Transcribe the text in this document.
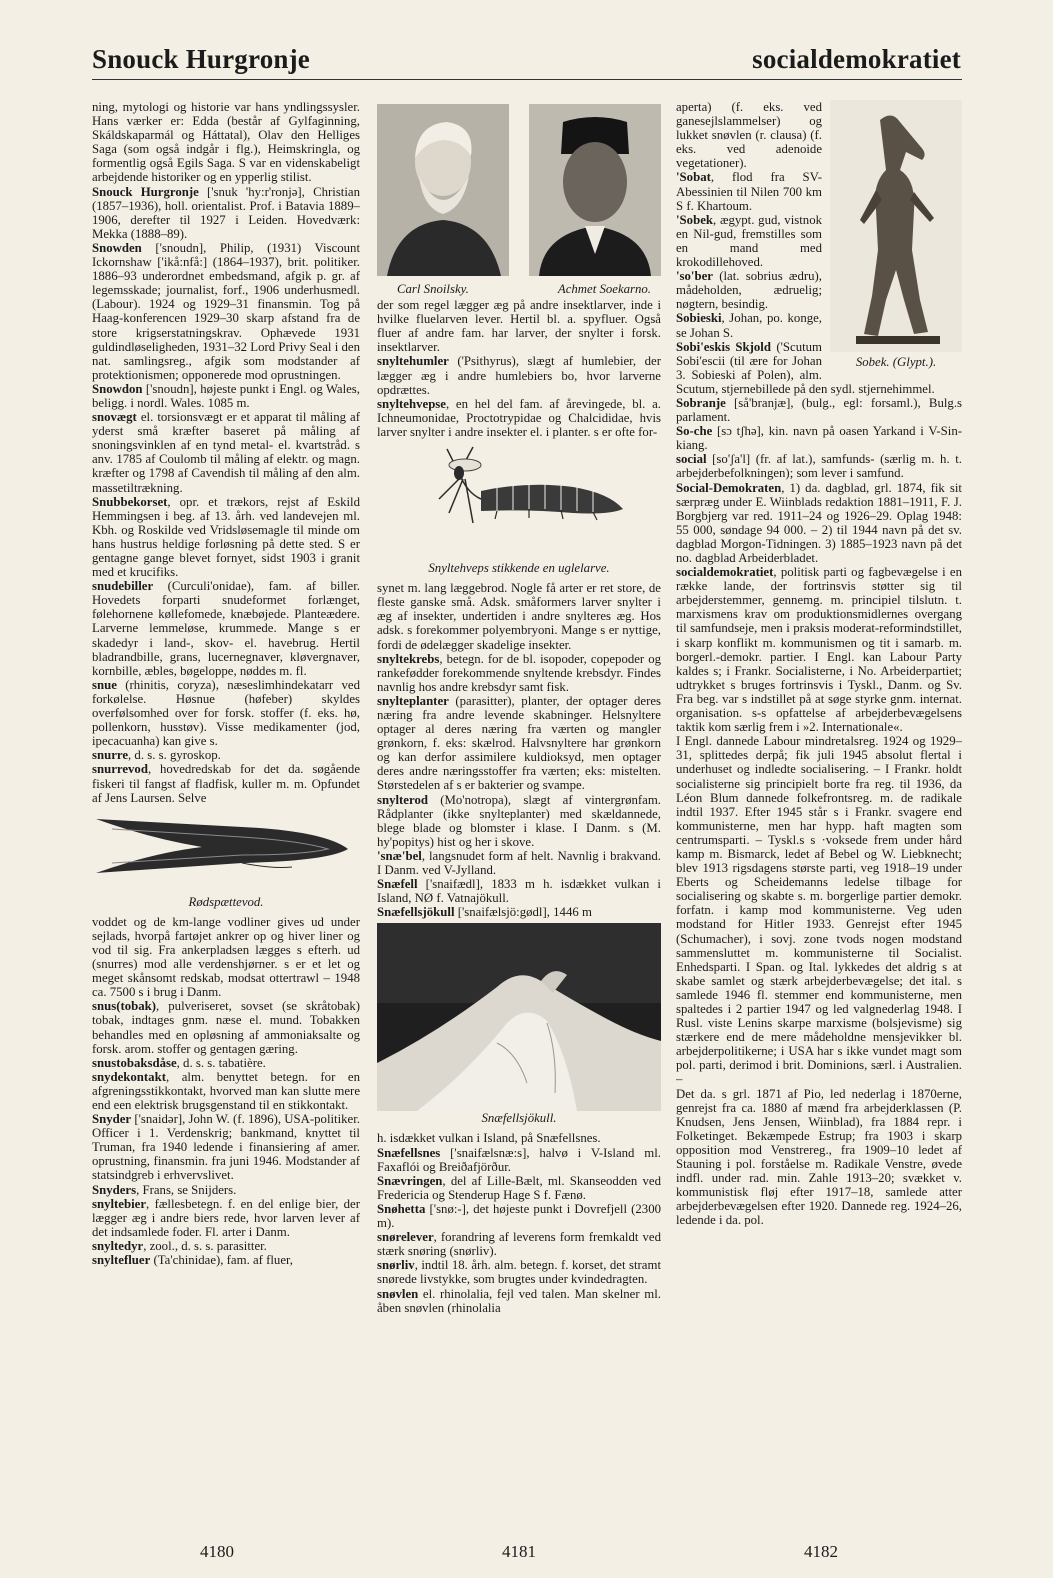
Snouck Hurgronje	socialdemokratiet

ning, mytologi og historie var hans yndlingssysler. Hans værker er: Edda (består af Gylfaginning, Skáldskaparmál og Háttatal), Olav den Helliges Saga (som også indgår i flg.), Heimskringla, og formentlig også Egils Saga. S var en videnskabeligt arbejdende historiker og en ypperlig stilist.

Snouck Hurgronje ['snuk 'hy:r'ronjə], Christian (1857–1936), holl. orientalist. Prof. i Batavia 1889–1906, derefter til 1927 i Leiden. Hovedværk: Mekka (1888–89).

Snowden ['snoudn], Philip, (1931) Viscount Ickornshaw ['ikå:nfå:] (1864–1937), brit. politiker. 1886–93 underordnet embedsmand, afgik p. gr. af legemsskade; journalist, forf., 1906 underhusmedl. (Labour). 1924 og 1929–31 finansmin. Tog på Haag-konferencen 1929–30 skarp afstand fra de store krigserstatningskrav. Ophævede 1931 guldindløseligheden, 1931–32 Lord Privy Seal i den nat. samlingsreg., afgik som modstander af protektionismen; opponerede mod oprustningen.

Snowdon ['snoudn], højeste punkt i Engl. og Wales, beligg. i nordl. Wales. 1085 m.

snovægt el. torsionsvægt er et apparat til måling af yderst små kræfter baseret på måling af snoningsvinklen af en tynd metal- el. kvartstråd. s anv. 1785 af Coulomb til måling af elektr. og magn. kræfter og 1798 af Cavendish til måling af den alm. massetiltrækning.

Snubbekorset, opr. et trækors, rejst af Eskild Hemmingsen i beg. af 13. årh. ved landevejen ml. Kbh. og Roskilde ved Vridsløsemagle til minde om hans hustrus heldige forløsning på dette sted. S er gentagne gange blevet fornyet, sidst 1903 i granit med et krucifiks.

snudebiller (Curculi'onidae), fam. af biller. Hovedets forparti snudeformet forlænget, følehornene køllefomede, knæbøjede. Planteædere. Larverne lemmeløse, krummede. Mange s er skadedyr i land-, skov- el. havebrug. Hertil bladrandbille, grans, lucernegnaver, kløvergnaver, kornbille, æbles, bøgeloppe, nøddes m. fl.

snue (rhinitis, coryza), næseslimhindekatarr ved forkølelse. Høsnue (høfeber) skyldes overfølsomhed over for forsk. stoffer (f. eks. hø, pollenkorn, husstøv). Visse medikamenter (jod, ipecacuanha) kan give s.

snurre, d. s. s. gyroskop.

snurrevod, hovedredskab for det da. søgående fiskeri til fangst af fladfisk, kuller m. m. Opfundet af Jens Laursen. Selve

Rødspættevod.

voddet og de km-lange vodliner gives ud under sejlads, hvorpå fartøjet ankrer op og hiver liner og vod til sig. Fra ankerpladsen lægges s efterh. ud (snurres) mod alle verdenshjørner. s er et let og meget skånsomt redskab, modsat ottertrawl – 1948 ca. 7500 s i brug i Danm.

snus(tobak), pulveriseret, sovset (se skråtobak) tobak, indtages gnm. næse el. mund. Tobakken behandles med en opløsning af ammoniaksalte og forsk. arom. stoffer og gentagen gæring.

snustobaksdåse, d. s. s. tabatière.

snydekontakt, alm. benyttet betegn. for en afgreningsstikkontakt, hvorved man kan slutte mere end een elektrisk brugsgenstand til en stikkontakt.

Snyder ['snaidər], John W. (f. 1896), USA-politiker. Officer i 1. Verdenskrig; bankmand, knyttet til Truman, fra 1940 ledende i finansiering af amer. oprustning, finansmin. fra juni 1946. Modstander af statsindgreb i erhvervslivet.

Snyders, Frans, se Snijders.

snyltebier, fællesbetegn. f. en del enlige bier, der lægger æg i andre biers rede, hvor larven lever af det indsamlede foder. Fl. arter i Danm.

snyltedyr, zool., d. s. s. parasitter.

snyltefluer (Ta'chinidae), fam. af fluer,

Carl Snoilsky.	Achmet Soekarno.

der som regel lægger æg på andre insektlarver, inde i hvilke fluelarven lever. Hertil bl. a. spyfluer. Også fluer af andre fam. har larver, der snylter i forsk. insektlarver.

snyltehumler ('Psithyrus), slægt af humlebier, der lægger æg i andre humlebiers bo, hvor larverne opdrættes.

snyltehvepse, en hel del fam. af årevingede, bl. a. Ichneumonidae, Proctotrypidae og Chalcididae, hvis larver snylter i andre insekter el. i planter. s er ofte for-

Snyltehveps stikkende en uglelarve.

synet m. lang læggebrod. Nogle få arter er ret store, de fleste ganske små. Adsk. småformers larver snylter i æg af insekter, undertiden i andre snylteres æg. Hos adsk. s forekommer polyembryoni. Mange s er nyttige, fordi de ødelægger skadelige insekter.

snyltekrebs, betegn. for de bl. isopoder, copepoder og rankefødder forekommende snyltende krebsdyr. Findes navnlig hos andre krebsdyr samt fisk.

snylteplanter (parasitter), planter, der optager deres næring fra andre levende skabninger. Helsnyltere optager al deres næring fra værten og mangler grønkorn, f. eks: skælrod. Halvsnyltere har grønkorn og kan derfor assimilere kuldioksyd, men optager deres andre næringsstoffer fra værten; eks: mistelten. Størstedelen af s er bakterier og svampe.

snylterod (Mo'notropa), slægt af vintergrønfam. Rådplanter (ikke snylteplanter) med skældannede, blege blade og blomster i klase. I Danm. s (M. hy'popitys) hist og her i skove.

'snæ'bel, langsnudet form af helt. Navnlig i brakvand. I Danm. ved V-Jylland.

Snæfell ['snaifædl], 1833 m h. isdækket vulkan i Island, NØ f. Vatnajökull.

Snæfellsjökull ['snaifælsjö:gødl], 1446 m

Snæfellsjökull.

h. isdækket vulkan i Island, på Snæfellsnes.

Snæfellsnes ['snaifælsnæ:s], halvø i V-Island ml. Faxaflói og Breiðafjörður.

Snævringen, del af Lille-Bælt, ml. Skanseodden ved Fredericia og Stenderup Hage S f. Fænø.

Snøhetta ['snø:-], det højeste punkt i Dovrefjell (2300 m).

snørelever, forandring af leverens form fremkaldt ved stærk snøring (snørliv).

snørliv, indtil 18. årh. alm. betegn. f. korset, det stramt snørede livstykke, som brugtes under kvindedragten.

snøvlen el. rhinolalia, fejl ved talen. Man skelner ml. åben snøvlen (rhinolalia

Sobek. (Glypt.).

aperta) (f. eks. ved ganesejlslammelser) og lukket snøvlen (r. clausa) (f. eks. ved adenoide vegetationer).

'Sobat, flod fra SV-Abessinien til Nilen 700 km S f. Khartoum.

'Sobek, ægypt. gud, vistnok en Nil-gud, fremstilles som en mand med krokodillehoved.

'so'ber (lat. sobrius ædru), mådeholden, ædruelig; nøgtern, besindig.

Sobieski, Johan, po. konge, se Johan S.

Sobi'eskis Skjold ('Scutum Sobi'escii (til ære for Johan 3. Sobieski af Polen), alm. Scutum, stjernebillede på den sydl. stjernehimmel.

Sobranje [så'branjæ], (bulg., egl: forsaml.), Bulg.s parlament.

So-che [sɔ tʃhə], kin. navn på oasen Yarkand i V-Sin-kiang.

social [so'ʃa'l] (fr. af lat.), samfunds- (særlig m. h. t. arbejderbefolkningen); som lever i samfund.

Social-Demokraten, 1) da. dagblad, grl. 1874, fik sit særpræg under E. Wiinblads redaktion 1881–1911, F. J. Borgbjerg var red. 1911–24 og 1926–29. Oplag 1948: 55 000, søndage 94 000. – 2) til 1944 navn på det sv. dagblad Morgon-Tidningen. 3) 1885–1923 navn på det no. dagblad Arbeiderbladet.

socialdemokratiet, politisk parti og fagbevægelse i en række lande, der fortrinsvis støtter sig til arbejderstemmer, gennemg. m. principiel tilslutn. t. marxismens krav om produktionsmidlernes overgang til samfundseje, men i praksis moderat-reformindstillet, i skarp konflikt m. kommunismen og tit i samarb. m. borgerl.-demokr. partier. I Engl. kan Labour Party kaldes s; i Frankr. Socialisterne, i No. Arbeiderpartiet; udtrykket s bruges fortrinsvis i Tyskl., Danm. og Sv. Fra beg. var s indstillet på at søge styrke gnm. internat. organisation. s-s opfattelse af arbejderbevægelsens taktik kom særlig frem i »2. Internationale«.

I Engl. dannede Labour mindretalsreg. 1924 og 1929–31, splittedes derpå; fik juli 1945 absolut flertal i underhuset og indledte socialisering. – I Frankr. holdt socialisterne sig principielt borte fra reg. til 1936, da Léon Blum dannede folkefrontsreg. m. de radikale indtil 1937. Efter 1945 står s i Frankr. svagere end kommunisterne, men har hypp. haft magten som centrumsparti. – Tyskl.s s ·voksede frem under hård kamp m. Bismarck, ledet af Bebel og W. Liebknecht; blev 1913 rigsdagens største parti, veg 1918–19 under Eberts og Scheidemanns ledelse tilbage for socialisering og skabte s. m. borgerlige partier demokr. forfatn. i kamp mod kommunisterne. Veg uden modstand for Hitler 1933. Genrejst efter 1945 (Schumacher), i sovj. zone tvods nogen modstand sammensluttet m. kommunisterne til Socialist. Enhedsparti. I Span. og Ital. lykkedes det aldrig s at skabe samlet og stærk arbejderbevægelse; det ital. s samlede 1946 fl. stemmer end kommunisterne, men spaltedes i 2 partier 1947 og led valgnederlag 1948. I Rusl. viste Lenins skarpe marxisme (bolsjevisme) sig stærkere end de mere mådeholdne mensjevikker bl. arbejderpolitikerne; i USA har s ikke vundet magt som pol. parti, derimod i brit. Dominions, særl. i Australien. –

Det da. s grl. 1871 af Pio, led nederlag i 1870erne, genrejst fra ca. 1880 af mænd fra arbejderklassen (P. Knudsen, Jens Jensen, Wiinblad), fra 1884 repr. i Folketinget. Bekæmpede Estrup; fra 1903 i skarp opposition mod Venstrereg., fra 1909–10 ledet af Stauning i pol. forståelse m. Radikale Venstre, øvede indfl. under rad. min. Zahle 1913–20; svækket v. kommunistisk fløj efter 1917–18, samlede atter arbejderbevægelsen efter 1920. Dannede reg. 1924–26, ledende i da. pol.

4180	4181	4182
